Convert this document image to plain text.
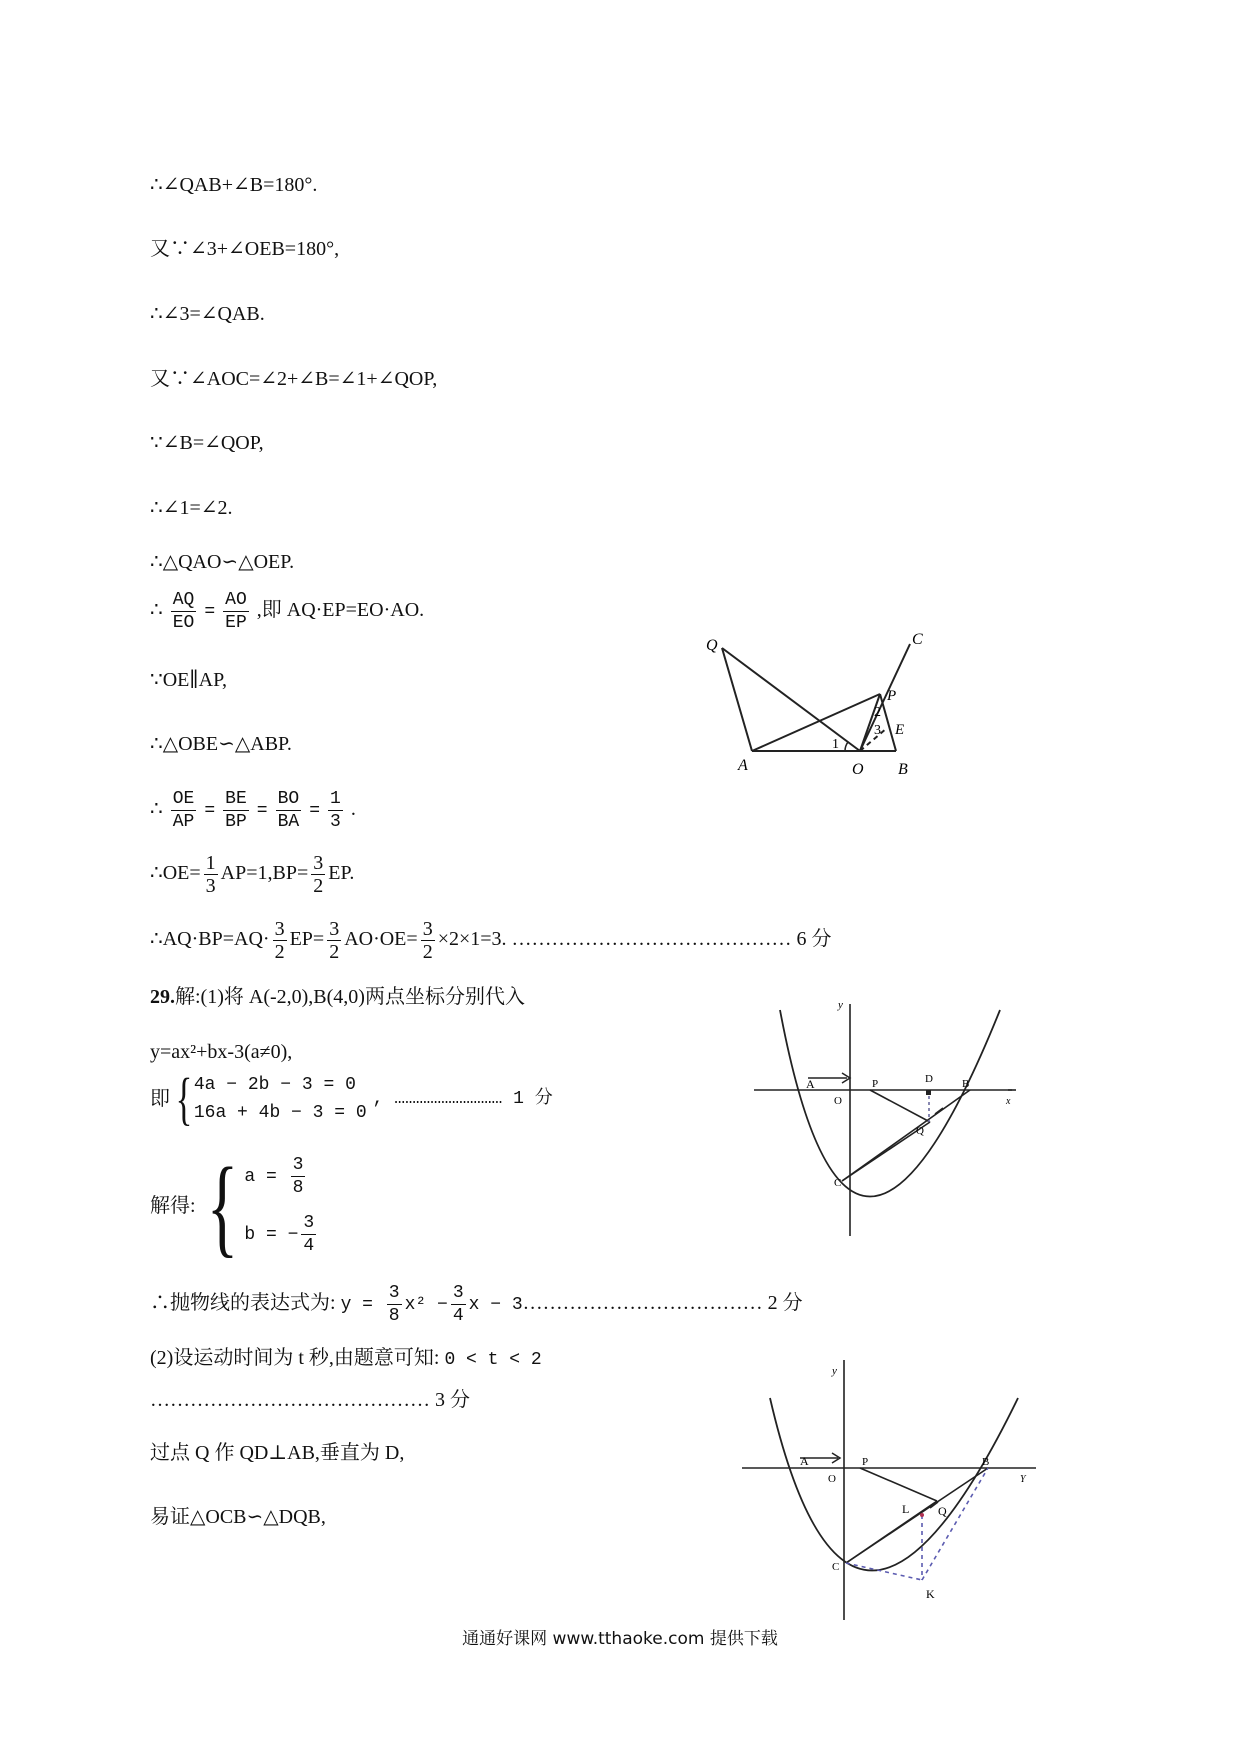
∴∠QAB+∠B=180°.
又∵∠3+∠OEB=180°,
∴∠3=∠QAB.
又∵∠AOC=∠2+∠B=∠1+∠QOP,
∵∠B=∠QOP,
∴∠1=∠2.
∴△QAO∽△OEP.
∴ $\frac{AQ}{EO} = \frac{AO}{EP}$ ,即 AQ·EP=EO·AO.
∵OE∥AP,
∴△OBE∽△ABP.
∴ $\frac{OE}{AP} = \frac{BE}{BP} = \frac{BO}{BA} = \frac{1}{3}$ .
∴OE= $\frac{1}{3} AP=1,BP= \frac{3}{2}$ EP.
∴AQ·BP=AQ· $\frac{3}{2} EP= \frac{3}{2} AO\cdot OE= \frac{3}{2} \times 2\times 1=3$. …………………………………… 6 分
29.解:(1)将 A(-2,0),B(4,0)两点坐标分别代入
y=ax²+bx-3(a≠0),
即 { 4a − 2b − 3 = 0
16a + 4b − 3 = 0
, ………………………… 1 分
解得: { $a = \frac{3}{8}$
b = − $\frac{3}{4}$
∴抛物线的表达式为: $y = \frac{3}{8} x^2 - \frac{3}{4}$ x − 3……………………………… 2 分
(2)设运动时间为 t 秒,由题意可知: 0 < t < 2
…………………………………… 3 分
过点 Q 作 QD⊥AB,垂直为 D,
易证△OCB∽△DQB,
Q	C
P
2
3 E
1
A	O B
y
A	P	D	B
O	x
Q
C
y
A	P	B
O	Y
L Q
C
K
通通好课网 www.tthaoke.com 提供下载
